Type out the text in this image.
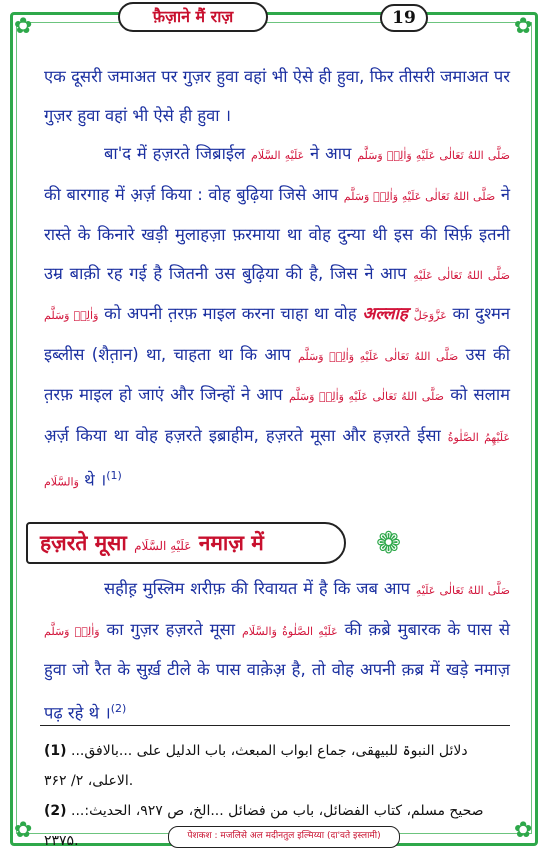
✿	✿
✿	✿
फ़ैज़ाने मैं राज़	19

एक दूसरी जमाअत पर गुज़र हुवा वहां भी ऐसे ही हुवा, फिर तीसरी जमाअत पर गुज़र हुवा वहां भी ऐसे ही हुवा ।

बा'द में हज़रते जिब्राईल عَلَيْهِ السَّلَام ने आप صَلَّى اللهُ تَعَالٰى عَلَيْهِ وَاٰلِهٖ وَسَلَّم की बारगाह में अ़र्ज़ किया : वोह बुढ़िया जिसे आप صَلَّى اللهُ تَعَالٰى عَلَيْهِ وَاٰلِهٖ وَسَلَّم ने रास्ते के किनारे खड़ी मुलाहज़ा फ़रमाया था वोह दुन्या थी इस की सिर्फ़ इतनी उम्र बाक़ी रह गई है जितनी उस बुढ़िया की है, जिस ने आप صَلَّى اللهُ تَعَالٰى عَلَيْهِ وَاٰلِهٖ وَسَلَّم को अपनी त़रफ़ माइल करना चाहा था वोह अल्लाह عَزَّوَجَلَّ का दुश्मन इब्लीस (शैत़ान) था, चाहता था कि आप صَلَّى اللهُ تَعَالٰى عَلَيْهِ وَاٰلِهٖ وَسَلَّم उस की त़रफ़ माइल हो जाएं और जिन्हों ने आप صَلَّى اللهُ تَعَالٰى عَلَيْهِ وَاٰلِهٖ وَسَلَّم को सलाम अ़र्ज़ किया था वोह हज़रते इब्राहीम, हज़रते मूसा और हज़रते ईसा عَلَيْهِمُ الصَّلٰوةُ وَالسَّلَام थे ।$^{(1)}$

हज़रते मूसा عَلَيْهِ السَّلَام नमाज़ में	❁

सहीह़ मुस्लिम शरीफ़ की रिवायत में है कि जब आप صَلَّى اللهُ تَعَالٰى عَلَيْهِ وَاٰلِهٖ وَسَلَّم का गुज़र हज़रते मूसा عَلَيْهِ الصَّلٰوةُ وَالسَّلَام की क़ब्रे मुबारक के पास से हुवा जो रैत के सुर्ख़ टीले के पास वाक़ेअ़ है, तो वोह अपनी क़ब्र में खड़े नमाज़ पढ़ रहे थे ।$^{(2)}$

(1) ...دلائل النبوۃ للبیھقی، جماع ابواب المبعث، باب الدلیل علی ...بالافق الاعلی، ۲/ ۳۶۲.
(2) ...صحیح مسلم، کتاب الفضائل، باب من فضائل ...الخ، ص ۹۲۷، الحدیث: ۲۳۷۵.	पेशकश : मजलिसे अल मदीनतुल इल्मिय्या (दा'वते इस्लामी)
